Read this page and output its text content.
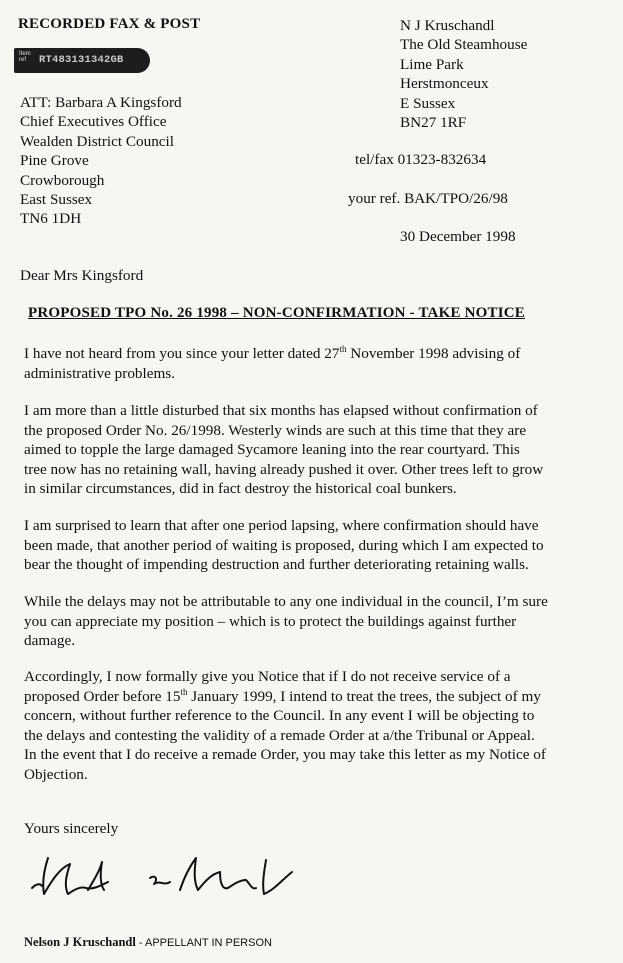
RECORDED FAX & POST
Item
ref	RT483131342GB
N J Kruschandl
The Old Steamhouse
Lime Park
Herstmonceux
E Sussex
BN27 1RF
ATT: Barbara A Kingsford
Chief Executives Office
Wealden District Council
Pine Grove
Crowborough
East Sussex
TN6 1DH
tel/fax 01323-832634
your ref. BAK/TPO/26/98
30 December 1998
Dear Mrs Kingsford
PROPOSED TPO No. 26 1998 – NON-CONFIRMATION - TAKE NOTICE
I have not heard from you since your letter dated 27th November 1998 advising of
administrative problems.
I am more than a little disturbed that six months has elapsed without confirmation of
the proposed Order No. 26/1998. Westerly winds are such at this time that they are
aimed to topple the large damaged Sycamore leaning into the rear courtyard. This
tree now has no retaining wall, having already pushed it over. Other trees left to grow
in similar circumstances, did in fact destroy the historical coal bunkers.
I am surprised to learn that after one period lapsing, where confirmation should have
been made, that another period of waiting is proposed, during which I am expected to
bear the thought of impending destruction and further deteriorating retaining walls.
While the delays may not be attributable to any one individual in the council, I’m sure
you can appreciate my position – which is to protect the buildings against further
damage.
Accordingly, I now formally give you Notice that if I do not receive service of a
proposed Order before 15th January 1999, I intend to treat the trees, the subject of my
concern, without further reference to the Council. In any event I will be objecting to
the delays and contesting the validity of a remade Order at a/the Tribunal or Appeal.
In the event that I do receive a remade Order, you may take this letter as my Notice of
Objection.
Yours sincerely
Nelson J Kruschandl - APPELLANT IN PERSON
